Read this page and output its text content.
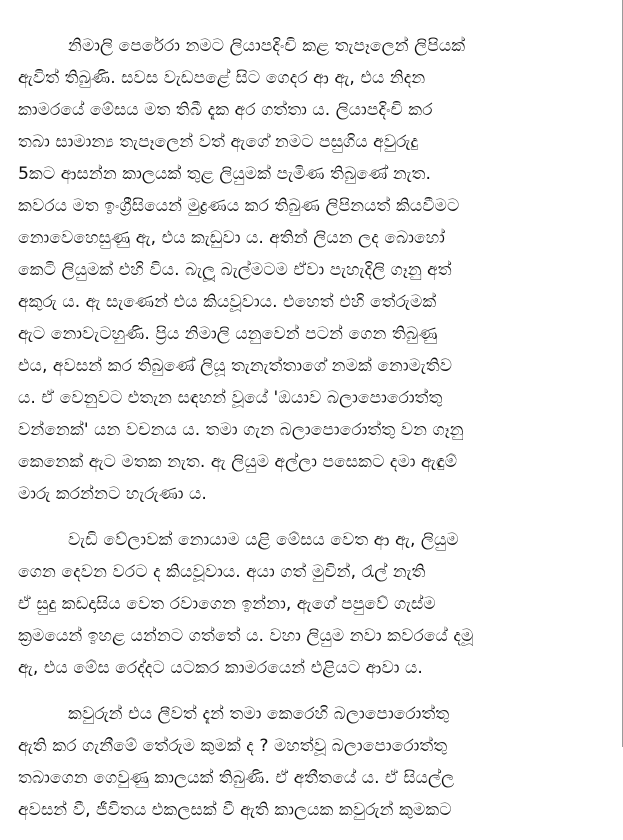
නිමාලි පෙරේරා නමට ලියාපදිංචි කළ තැපෑලෙන් ලිපියක්
ඇවිත් තිබුණි. සවස වැඩපළේ සිට ගෙදර ආ ඇ, එය නිදන
කාමරයේ මේසය මත තිබී දැක අර ගත්තා ය. ලියාපදිංචි කර
තබා සාමාන්‍ය තැපෑලෙන් වත් ඇගේ නමට පසුගිය අවුරුදු
5කට ආසන්න කාලයක් තුළ ලියුමක් පැමිණ තිබුණේ නැත.
කවරය මත ඉංග්‍රීසියෙන් මුද්‍රණය කර තිබුණ ලිපිනයත් කියවීමට
නොවෙහෙසුණු ඇ, එය කැඩුවා ය. අතින් ලියන ලද බොහෝ
කෙටි ලියුමක් එහි විය. බැලූ බැල්මටම ඒවා පැහැදිලි ගෑනු අත්
අකුරු ය. ඇ සැණෙන් එය කියවූවාය. එහෙත් එහි තේරුමක්
ඇට නොවැටහුණි. ප්‍රිය නිමාලි යනුවෙන් පටන් ගෙන තිබුණු
එය, අවසන් කර තිබුණේ ලියූ තැනැත්තාගේ නමක් නොමැතිව
ය. ඒ වෙනුවට එතැන සඳහන් වූයේ 'ඔයාව බලාපොරොත්තු
වන්නෙක්' යන වචනය ය. තමා ගැන බලාපොරොත්තු වන ගෑනු
කෙනෙක් ඇට මතක නැත. ඇ ලියුම අල්ලා පසෙකට දමා ඇඳුම්
මාරු කරන්නට හැරුණා ය.

වැඩි වේලාවක් නොයාම යළි මේසය වෙත ආ ඇ, ලියුම
ගෙන දෙවන වරට ද කියවූවාය. අයා ගත් මුවින්, රැල් නැති
ඒ සුදු කඩදාසිය වෙත රවාගෙන ඉන්නා, ඇගේ පපුවේ ගැස්ම
ක්‍රමයෙන් ඉහළ යන්නට ගත්තේ ය. වහා ලියුම නවා කවරයේ දමූ
ඇ, එය මේස රෙද්දට යටකර කාමරයෙන් එළියට ආවා ය.

කවුරුන් එය ලීවත් දැන් තමා කෙරෙහි බලාපොරොත්තු
ඇති කර ගැනීමේ තේරුම කුමක් ද ? මහත්වූ බලාපොරොත්තු
තබාගෙන ගෙවුණු කාලයක් තිබුණි. ඒ අතීතයේ ය. ඒ සියල්ල
අවසන් වී, ජීවිතය එකලසක් වී ඇති කාලයක කවුරුන් කුමකට
